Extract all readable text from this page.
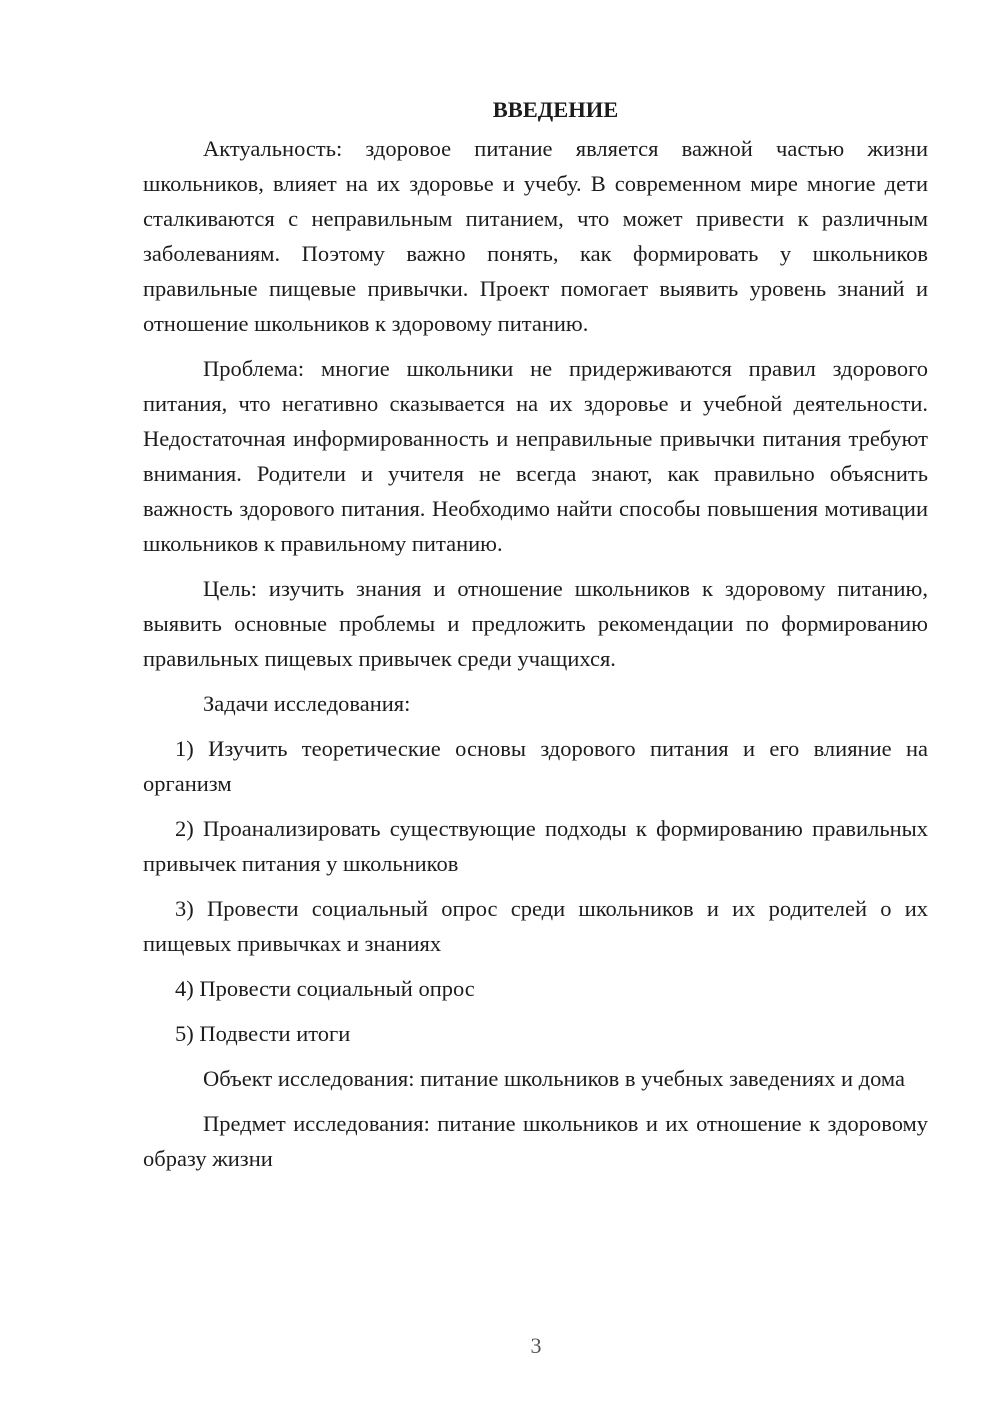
ВВЕДЕНИЕ

Актуальность: здоровое питание является важной частью жизни школьников, влияет на их здоровье и учебу. В современном мире многие дети сталкиваются с неправильным питанием, что может привести к различным заболеваниям. Поэтому важно понять, как формировать у школьников правильные пищевые привычки. Проект помогает выявить уровень знаний и отношение школьников к здоровому питанию.

Проблема: многие школьники не придерживаются правил здорового питания, что негативно сказывается на их здоровье и учебной деятельности. Недостаточная информированность и неправильные привычки питания требуют внимания. Родители и учителя не всегда знают, как правильно объяснить важность здорового питания. Необходимо найти способы повышения мотивации школьников к правильному питанию.

Цель: изучить знания и отношение школьников к здоровому питанию, выявить основные проблемы и предложить рекомендации по формированию правильных пищевых привычек среди учащихся.

Задачи исследования:

1) Изучить теоретические основы здорового питания и его влияние на организм

2) Проанализировать существующие подходы к формированию правильных привычек питания у школьников

3) Провести социальный опрос среди школьников и их родителей о их пищевых привычках и знаниях

4) Провести социальный опрос

5) Подвести итоги

Объект исследования: питание школьников в учебных заведениях и дома

Предмет исследования: питание школьников и их отношение к здоровому образу жизни

3
